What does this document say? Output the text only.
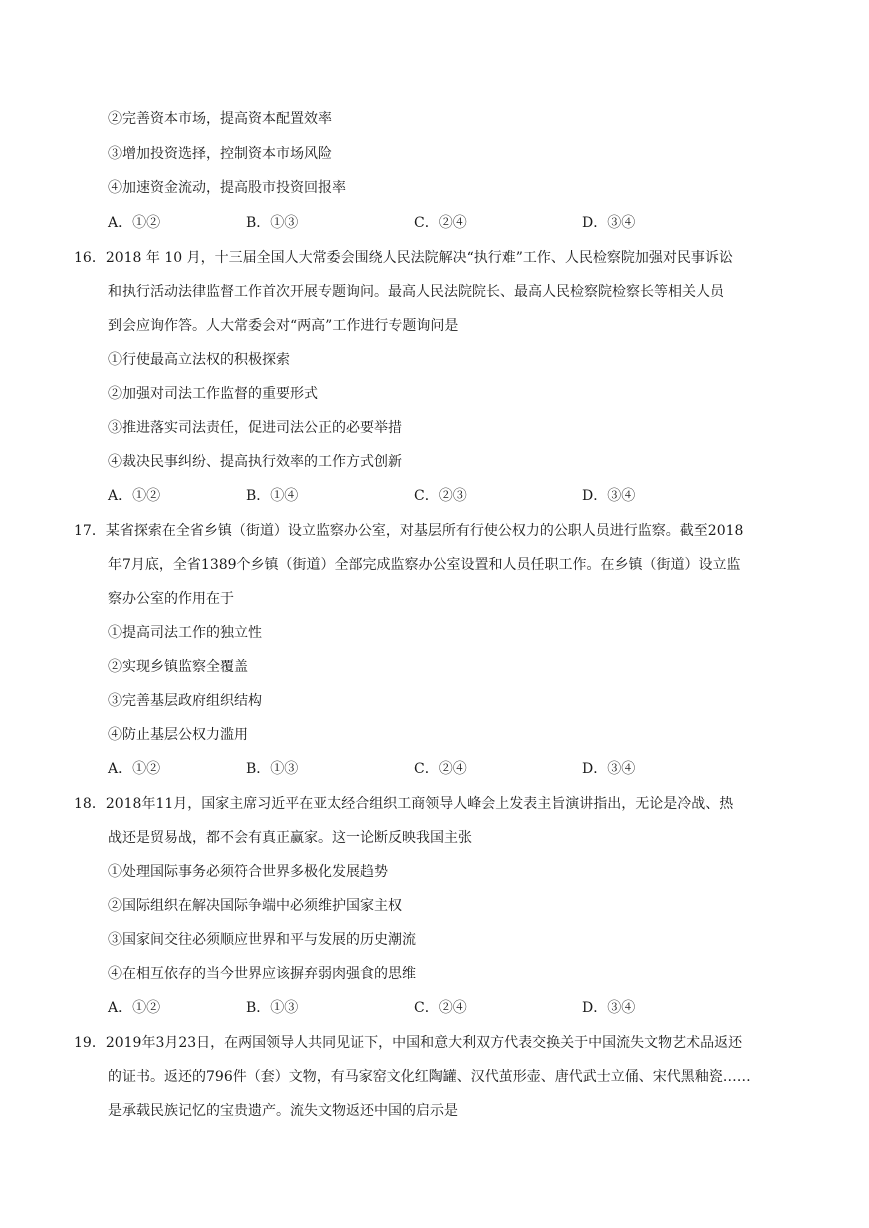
②完善资本市场，提高资本配置效率
③增加投资选择，控制资本市场风险
④加速资金流动，提高股市投资回报率
A．①②	B．①③	C．②④	D．③④
16．2018 年 10 月，十三届全国人大常委会围绕人民法院解决“执行难”工作、人民检察院加强对民事诉讼
和执行活动法律监督工作首次开展专题询问。最高人民法院院长、最高人民检察院检察长等相关人员
到会应询作答。人大常委会对“两高”工作进行专题询问是
①行使最高立法权的积极探索
②加强对司法工作监督的重要形式
③推进落实司法责任，促进司法公正的必要举措
④裁决民事纠纷、提高执行效率的工作方式创新
A．①②	B．①④	C．②③	D．③④
17．某省探索在全省乡镇（街道）设立监察办公室，对基层所有行使公权力的公职人员进行监察。截至2018
年7月底，全省1389个乡镇（街道）全部完成监察办公室设置和人员任职工作。在乡镇（街道）设立监
察办公室的作用在于
①提高司法工作的独立性
②实现乡镇监察全覆盖
③完善基层政府组织结构
④防止基层公权力滥用
A．①②	B．①③	C．②④	D．③④
18．2018年11月，国家主席习近平在亚太经合组织工商领导人峰会上发表主旨演讲指出，无论是冷战、热
战还是贸易战，都不会有真正赢家。这一论断反映我国主张
①处理国际事务必须符合世界多极化发展趋势
②国际组织在解决国际争端中必须维护国家主权
③国家间交往必须顺应世界和平与发展的历史潮流
④在相互依存的当今世界应该摒弃弱肉强食的思维
A．①②	B．①③	C．②④	D．③④
19．2019年3月23日，在两国领导人共同见证下，中国和意大利双方代表交换关于中国流失文物艺术品返还
的证书。返还的796件（套）文物，有马家窑文化红陶罐、汉代茧形壶、唐代武士立俑、宋代黑釉瓷……
是承载民族记忆的宝贵遗产。流失文物返还中国的启示是
